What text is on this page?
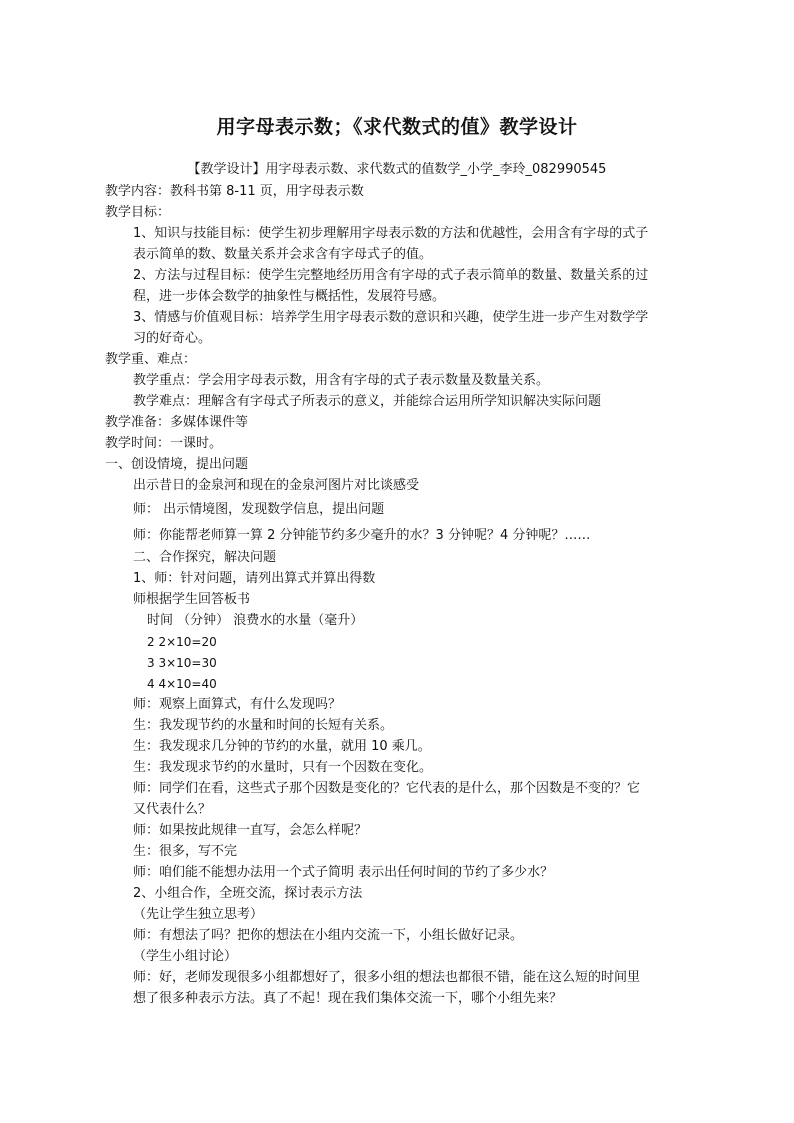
用字母表示数；《求代数式的值》教学设计
【教学设计】用字母表示数、求代数式的值数学_小学_李玲_082990545
教学内容：教科书第 8-11 页，用字母表示数
教学目标：
1、知识与技能目标：使学生初步理解用字母表示数的方法和优越性，会用含有字母的式子
表示简单的数、数量关系并会求含有字母式子的值。
2、方法与过程目标：使学生完整地经历用含有字母的式子表示简单的数量、数量关系的过
程，进一步体会数学的抽象性与概括性，发展符号感。
3、情感与价值观目标：培养学生用字母表示数的意识和兴趣，使学生进一步产生对数学学
习的好奇心。
教学重、难点：
教学重点：学会用字母表示数，用含有字母的式子表示数量及数量关系。
教学难点：理解含有字母式子所表示的意义，并能综合运用所学知识解决实际问题
教学准备：多媒体课件等
教学时间：一课时。
一、创设情境，提出问题
出示昔日的金泉河和现在的金泉河图片对比谈感受
师： 出示情境图，发现数学信息，提出问题
师：你能帮老师算一算 2 分钟能节约多少毫升的水？3 分钟呢？4 分钟呢？……
二、合作探究，解决问题
1、师：针对问题，请列出算式并算出得数
师根据学生回答板书
时间 （分钟） 浪费水的水量（毫升）
2 2×10=20
3 3×10=30
4 4×10=40
师：观察上面算式，有什么发现吗？
生：我发现节约的水量和时间的长短有关系。
生：我发现求几分钟的节约的水量，就用 10 乘几。
生：我发现求节约的水量时，只有一个因数在变化。
师：同学们在看，这些式子那个因数是变化的？它代表的是什么，那个因数是不变的？它
又代表什么？
师：如果按此规律一直写，会怎么样呢？
生：很多，写不完
师：咱们能不能想办法用一个式子简明 表示出任何时间的节约了多少水？
2、小组合作，全班交流，探讨表示方法
（先让学生独立思考）
师：有想法了吗？把你的想法在小组内交流一下，小组长做好记录。
（学生小组讨论）
师：好，老师发现很多小组都想好了，很多小组的想法也都很不错，能在这么短的时间里
想了很多种表示方法。真了不起！现在我们集体交流一下，哪个小组先来？
